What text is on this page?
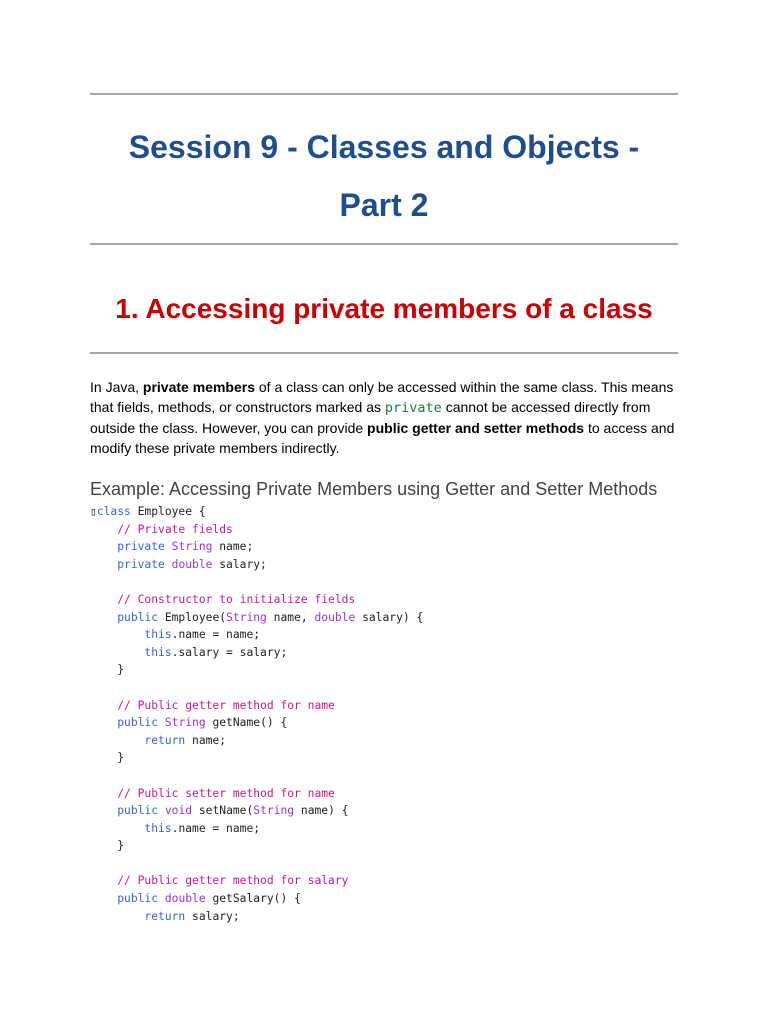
Session 9 - Classes and Objects -
Part 2
1. Accessing private members of a class

In Java, private members of a class can only be accessed within the same class. This means that fields, methods, or constructors marked as private cannot be accessed directly from outside the class. However, you can provide public getter and setter methods to access and modify these private members indirectly.

Example: Accessing Private Members using Getter and Setter Methods
▯class Employee {
// Private fields
private String name;
private double salary;
// Constructor to initialize fields
public Employee(String name, double salary) {
this.name = name;
this.salary = salary;
}
// Public getter method for name
public String getName() {
return name;
}
// Public setter method for name
public void setName(String name) {
this.name = name;
}
// Public getter method for salary
public double getSalary() {
return salary;
